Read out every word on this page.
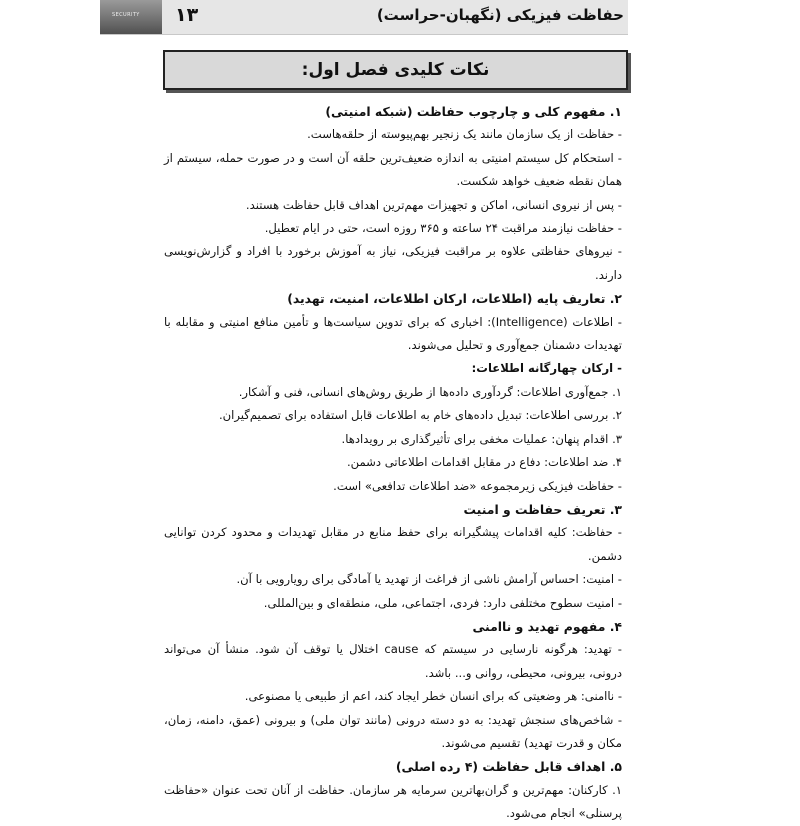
SECURITY	حفاظت فیزیکی (نگهبان-حراست)
۱۳
نکات کلیدی فصل اول:
۱. مفهوم کلی و چارچوب حفاظت (شبکه امنیتی)

- حفاظت از یک سازمان مانند یک زنجیر بهم‌پیوسته از حلقه‌هاست.

- استحکام کل سیستم امنیتی به اندازه ضعیف‌ترین حلقه آن است و در صورت حمله، سیستم از همان نقطه ضعیف خواهد شکست.

- پس از نیروی انسانی، اماکن و تجهیزات مهم‌ترین اهداف قابل حفاظت هستند.

- حفاظت نیازمند مراقبت ۲۴ ساعته و ۳۶۵ روزه است، حتی در ایام تعطیل.

- نیروهای حفاظتی علاوه بر مراقبت فیزیکی، نیاز به آموزش برخورد با افراد و گزارش‌نویسی دارند.

۲. تعاریف پایه (اطلاعات، ارکان اطلاعات، امنیت، تهدید)

- اطلاعات (Intelligence): اخباری که برای تدوین سیاست‌ها و تأمین منافع امنیتی و مقابله با تهدیدات دشمنان جمع‌آوری و تحلیل می‌شوند.

- ارکان چهارگانه اطلاعات:

۱. جمع‌آوری اطلاعات: گردآوری داده‌ها از طریق روش‌های انسانی، فنی و آشکار.

۲. بررسی اطلاعات: تبدیل داده‌های خام به اطلاعات قابل استفاده برای تصمیم‌گیران.

۳. اقدام پنهان: عملیات مخفی برای تأثیرگذاری بر رویدادها.

۴. ضد اطلاعات: دفاع در مقابل اقدامات اطلاعاتی دشمن.

- حفاظت فیزیکی زیرمجموعه «ضد اطلاعات تدافعی» است.

۳. تعریف حفاظت و امنیت

- حفاظت: کلیه اقدامات پیشگیرانه برای حفظ منابع در مقابل تهدیدات و محدود کردن توانایی دشمن.

- امنیت: احساس آرامش ناشی از فراغت از تهدید یا آمادگی برای رویارویی با آن.

- امنیت سطوح مختلفی دارد: فردی، اجتماعی، ملی، منطقه‌ای و بین‌المللی.

۴. مفهوم تهدید و ناامنی

- تهدید: هرگونه نارسایی در سیستم که cause اختلال یا توقف آن شود. منشأ آن می‌تواند درونی، بیرونی، محیطی، روانی و... باشد.

- ناامنی: هر وضعیتی که برای انسان خطر ایجاد کند، اعم از طبیعی یا مصنوعی.

- شاخص‌های سنجش تهدید: به دو دسته درونی (مانند توان ملی) و بیرونی (عمق، دامنه، زمان، مکان و قدرت تهدید) تقسیم می‌شوند.

۵. اهداف قابل حفاظت (۴ رده اصلی)

۱. کارکنان: مهم‌ترین و گران‌بهاترین سرمایه هر سازمان. حفاظت از آنان تحت عنوان «حفاظت پرسنلی» انجام می‌شود.
